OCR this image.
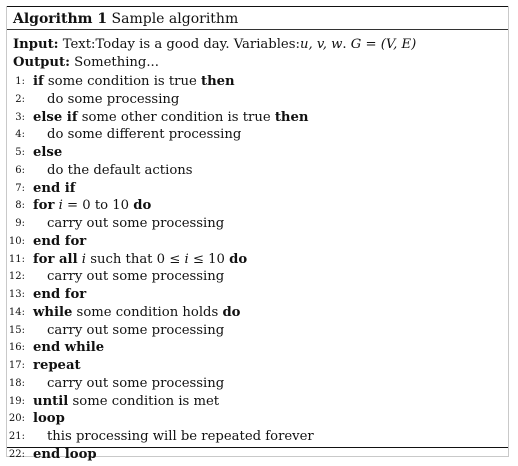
Algorithm 1 Sample algorithm
Input: Text:Today is a good day. Variables:u, v, w. G = (V, E)
Output: Something...
1: if some condition is true then
2: do some processing
3: else if some other condition is true then
4: do some different processing
5: else
6: do the default actions
7: end if
8: for i = 0 to 10 do
9: carry out some processing
10: end for
11: for all i such that 0 ≤ i ≤ 10 do
12: carry out some processing
13: end for
14: while some condition holds do
15: carry out some processing
16: end while
17: repeat
18: carry out some processing
19: until some condition is met
20: loop
21: this processing will be repeated forever
22: end loop
